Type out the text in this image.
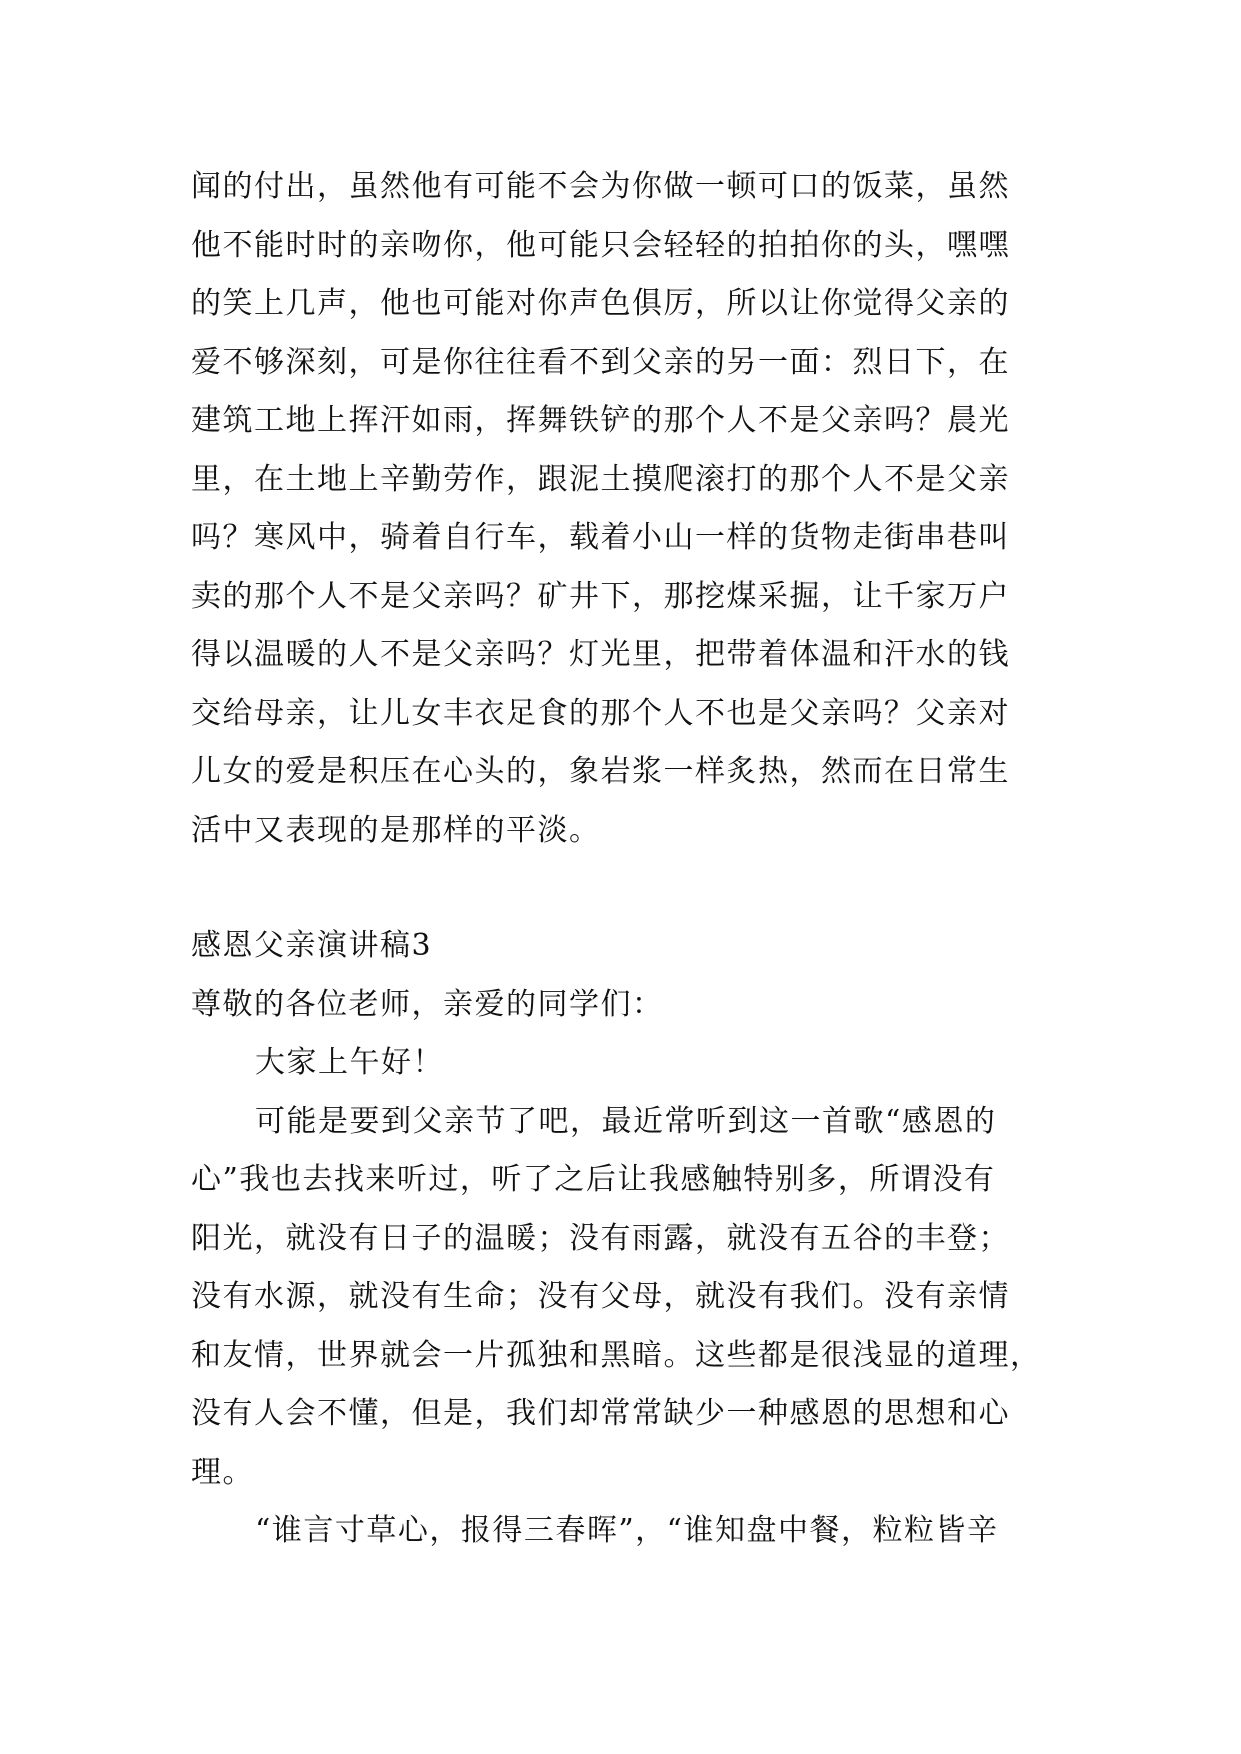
闻的付出，虽然他有可能不会为你做一顿可口的饭菜，虽然
他不能时时的亲吻你，他可能只会轻轻的拍拍你的头，嘿嘿
的笑上几声，他也可能对你声色俱厉，所以让你觉得父亲的
爱不够深刻，可是你往往看不到父亲的另一面：烈日下，在
建筑工地上挥汗如雨，挥舞铁铲的那个人不是父亲吗？晨光
里，在土地上辛勤劳作，跟泥土摸爬滚打的那个人不是父亲
吗？寒风中，骑着自行车，载着小山一样的货物走街串巷叫
卖的那个人不是父亲吗？矿井下，那挖煤采掘，让千家万户
得以温暖的人不是父亲吗？灯光里，把带着体温和汗水的钱
交给母亲，让儿女丰衣足食的那个人不也是父亲吗？父亲对
儿女的爱是积压在心头的，象岩浆一样炙热，然而在日常生
活中又表现的是那样的平淡。
感恩父亲演讲稿3
尊敬的各位老师，亲爱的同学们：
大家上午好！
可能是要到父亲节了吧，最近常听到这一首歌“感恩的
心”我也去找来听过，听了之后让我感触特别多，所谓没有
阳光，就没有日子的温暖；没有雨露，就没有五谷的丰登；
没有水源，就没有生命；没有父母，就没有我们。没有亲情
和友情，世界就会一片孤独和黑暗。这些都是很浅显的道理，
没有人会不懂，但是，我们却常常缺少一种感恩的思想和心
理。
“谁言寸草心，报得三春晖”，“谁知盘中餐，粒粒皆辛
